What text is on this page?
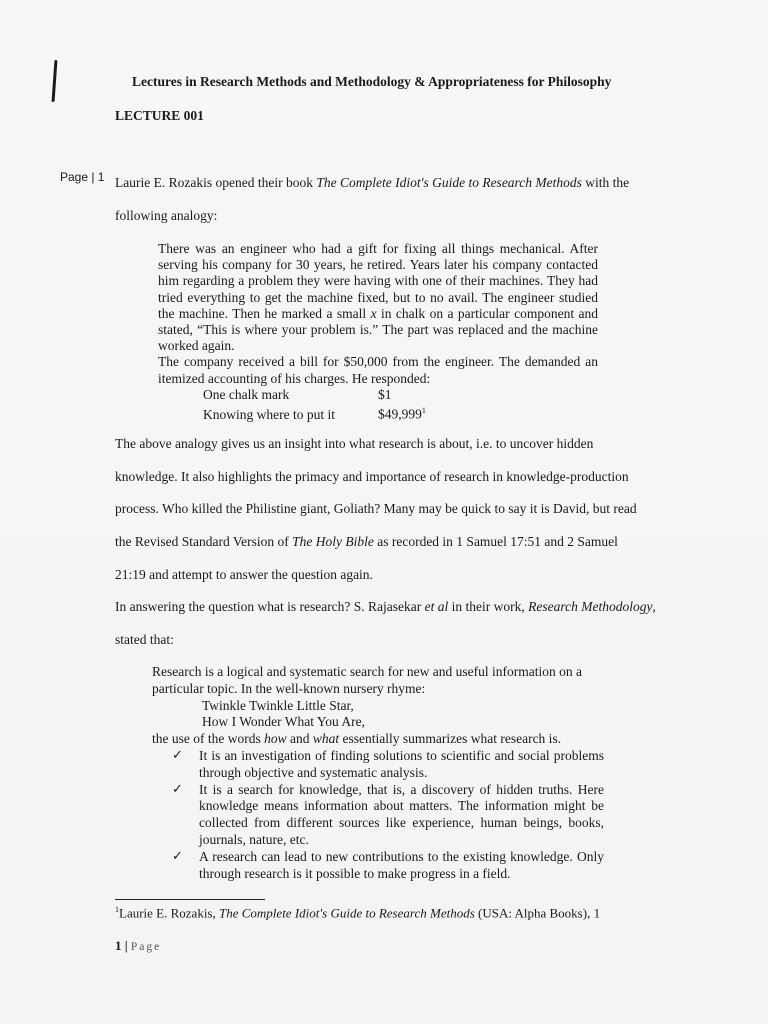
Lectures in Research Methods and Methodology & Appropriateness for Philosophy
LECTURE 001
Page | 1 Laurie E. Rozakis opened their book The Complete Idiot's Guide to Research Methods with the
following analogy:

There was an engineer who had a gift for fixing all things mechanical. After serving his company for 30 years, he retired. Years later his company contacted him regarding a problem they were having with one of their machines. They had tried everything to get the machine fixed, but to no avail. The engineer studied the machine. Then he marked a small x in chalk on a particular component and stated, “This is where your problem is.” The part was replaced and the machine worked again.

The company received a bill for $50,000 from the engineer. The demanded an itemized accounting of his charges. He responded:

One chalk mark	$1
Knowing where to put it	$49,999$^1$
The above analogy gives us an insight into what research is about, i.e. to uncover hidden
knowledge. It also highlights the primacy and importance of research in knowledge-production
process. Who killed the Philistine giant, Goliath? Many may be quick to say it is David, but read
the Revised Standard Version of The Holy Bible as recorded in 1 Samuel 17:51 and 2 Samuel
21:19 and attempt to answer the question again.
In answering the question what is research? S. Rajasekar et al in their work, Research Methodology,
stated that:

Research is a logical and systematic search for new and useful information on a particular topic. In the well-known nursery rhyme:

Twinkle Twinkle Little Star,
How I Wonder What You Are,

the use of the words how and what essentially summarizes what research is.

✓ It is an investigation of finding solutions to scientific and social problems through objective and systematic analysis.
✓ It is a search for knowledge, that is, a discovery of hidden truths. Here knowledge means information about matters. The information might be collected from different sources like experience, human beings, books, journals, nature, etc.
✓ A research can lead to new contributions to the existing knowledge. Only through research is it possible to make progress in a field.
$^1$Laurie E. Rozakis, The Complete Idiot's Guide to Research Methods (USA: Alpha Books), 1
1 | Page
